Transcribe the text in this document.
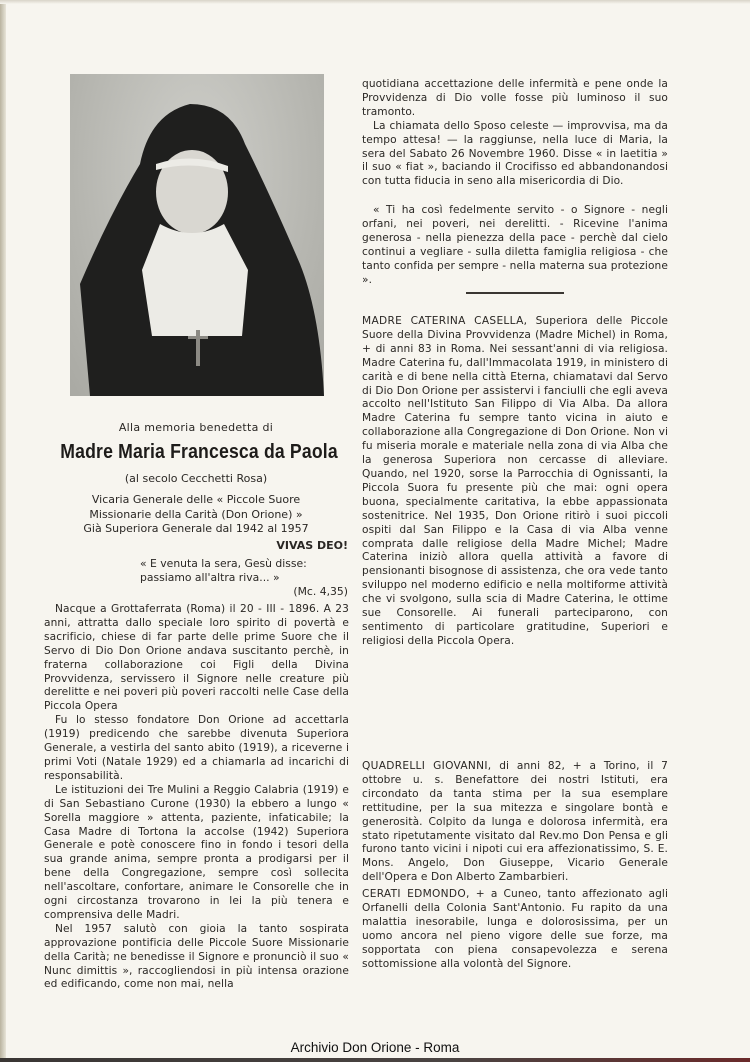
Alla memoria benedetta di
Madre Maria Francesca da Paola
(al secolo Cecchetti Rosa)
Vicaria Generale delle « Piccole Suore
Missionarie della Carità (Don Orione) »
Già Superiora Generale dal 1942 al 1957
VIVAS DEO!
« E venuta la sera, Gesù disse:
passiamo all'altra riva... »
(Mc. 4,35)

Nacque a Grottaferrata (Roma) il 20 - III - 1896. A 23 anni, attratta dallo speciale loro spirito di povertà e sacrificio, chiese di far parte delle prime Suore che il Servo di Dio Don Orione andava suscitanto perchè, in fraterna collaborazione coi Figli della Divina Provvidenza, servissero il Signore nelle creature più derelitte e nei poveri più poveri raccolti nelle Case della Piccola Opera

Fu lo stesso fondatore Don Orione ad accettarla (1919) predicendo che sarebbe divenuta Superiora Generale, a vestirla del santo abito (1919), a riceverne i primi Voti (Natale 1929) ed a chiamarla ad incarichi di responsabilità.

Le istituzioni dei Tre Mulini a Reggio Calabria (1919) e di San Sebastiano Curone (1930) la ebbero a lungo « Sorella maggiore » attenta, paziente, infaticabile; la Casa Madre di Tortona la accolse (1942) Superiora Generale e potè conoscere fino in fondo i tesori della sua grande anima, sempre pronta a prodigarsi per il bene della Congregazione, sempre così sollecita nell'ascoltare, confortare, animare le Consorelle che in ogni circostanza trovarono in lei la più tenera e comprensiva delle Madri.

Nel 1957 salutò con gioia la tanto sospirata approvazione pontificia delle Piccole Suore Missionarie della Carità; ne benedisse il Signore e pronunciò il suo « Nunc dimittis », raccogliendosi in più intensa orazione ed edificando, come non mai, nella

quotidiana accettazione delle infermità e pene onde la Provvidenza di Dio volle fosse più luminoso il suo tramonto.

La chiamata dello Sposo celeste — improvvisa, ma da tempo attesa! — la raggiunse, nella luce di Maria, la sera del Sabato 26 Novembre 1960. Disse « in laetitia » il suo « fiat », baciando il Crocifisso ed abbandonandosi con tutta fiducia in seno alla misericordia di Dio.

« Ti ha così fedelmente servito - o Signore - negli orfani, nei poveri, nei derelitti. - Ricevine l'anima generosa - nella pienezza della pace - perchè dal cielo continui a vegliare - sulla diletta famiglia religiosa - che tanto confida per sempre - nella materna sua protezione ».

MADRE CATERINA CASELLA, Superiora delle Piccole Suore della Divina Provvidenza (Madre Michel) in Roma, + di anni 83 in Roma. Nei sessant'anni di via religiosa. Madre Caterina fu, dall'Immacolata 1919, in ministero di carità e di bene nella città Eterna, chiamatavi dal Servo di Dio Don Orione per assistervi i fanciulli che egli aveva accolto nell'Istituto San Filippo di Via Alba. Da allora Madre Caterina fu sempre tanto vicina in aiuto e collaborazione alla Congregazione di Don Orione. Non vi fu miseria morale e materiale nella zona di via Alba che la generosa Superiora non cercasse di alleviare. Quando, nel 1920, sorse la Parrocchia di Ognissanti, la Piccola Suora fu presente più che mai: ogni opera buona, specialmente caritativa, la ebbe appassionata sostenitrice. Nel 1935, Don Orione ritirò i suoi piccoli ospiti dal San Filippo e la Casa di via Alba venne comprata dalle religiose della Madre Michel; Madre Caterina iniziò allora quella attività a favore di pensionanti bisognose di assistenza, che ora vede tanto sviluppo nel moderno edificio e nella moltiforme attività che vi svolgono, sulla scia di Madre Caterina, le ottime sue Consorelle. Ai funerali parteciparono, con sentimento di particolare gratitudine, Superiori e religiosi della Piccola Opera.

QUADRELLI GIOVANNI, di anni 82, + a Torino, il 7 ottobre u. s. Benefattore dei nostri Istituti, era circondato da tanta stima per la sua esemplare rettitudine, per la sua mitezza e singolare bontà e generosità. Colpito da lunga e dolorosa infermità, era stato ripetutamente visitato dal Rev.mo Don Pensa e gli furono tanto vicini i nipoti cui era affezionatissimo, S. E. Mons. Angelo, Don Giuseppe, Vicario Generale dell'Opera e Don Alberto Zambarbieri.

CERATI EDMONDO, + a Cuneo, tanto affezionato agli Orfanelli della Colonia Sant'Antonio. Fu rapito da una malattia inesorabile, lunga e dolorosissima, per un uomo ancora nel pieno vigore delle sue forze, ma sopportata con piena consapevolezza e serena sottomissione alla volontà del Signore.

Archivio Don Orione - Roma
